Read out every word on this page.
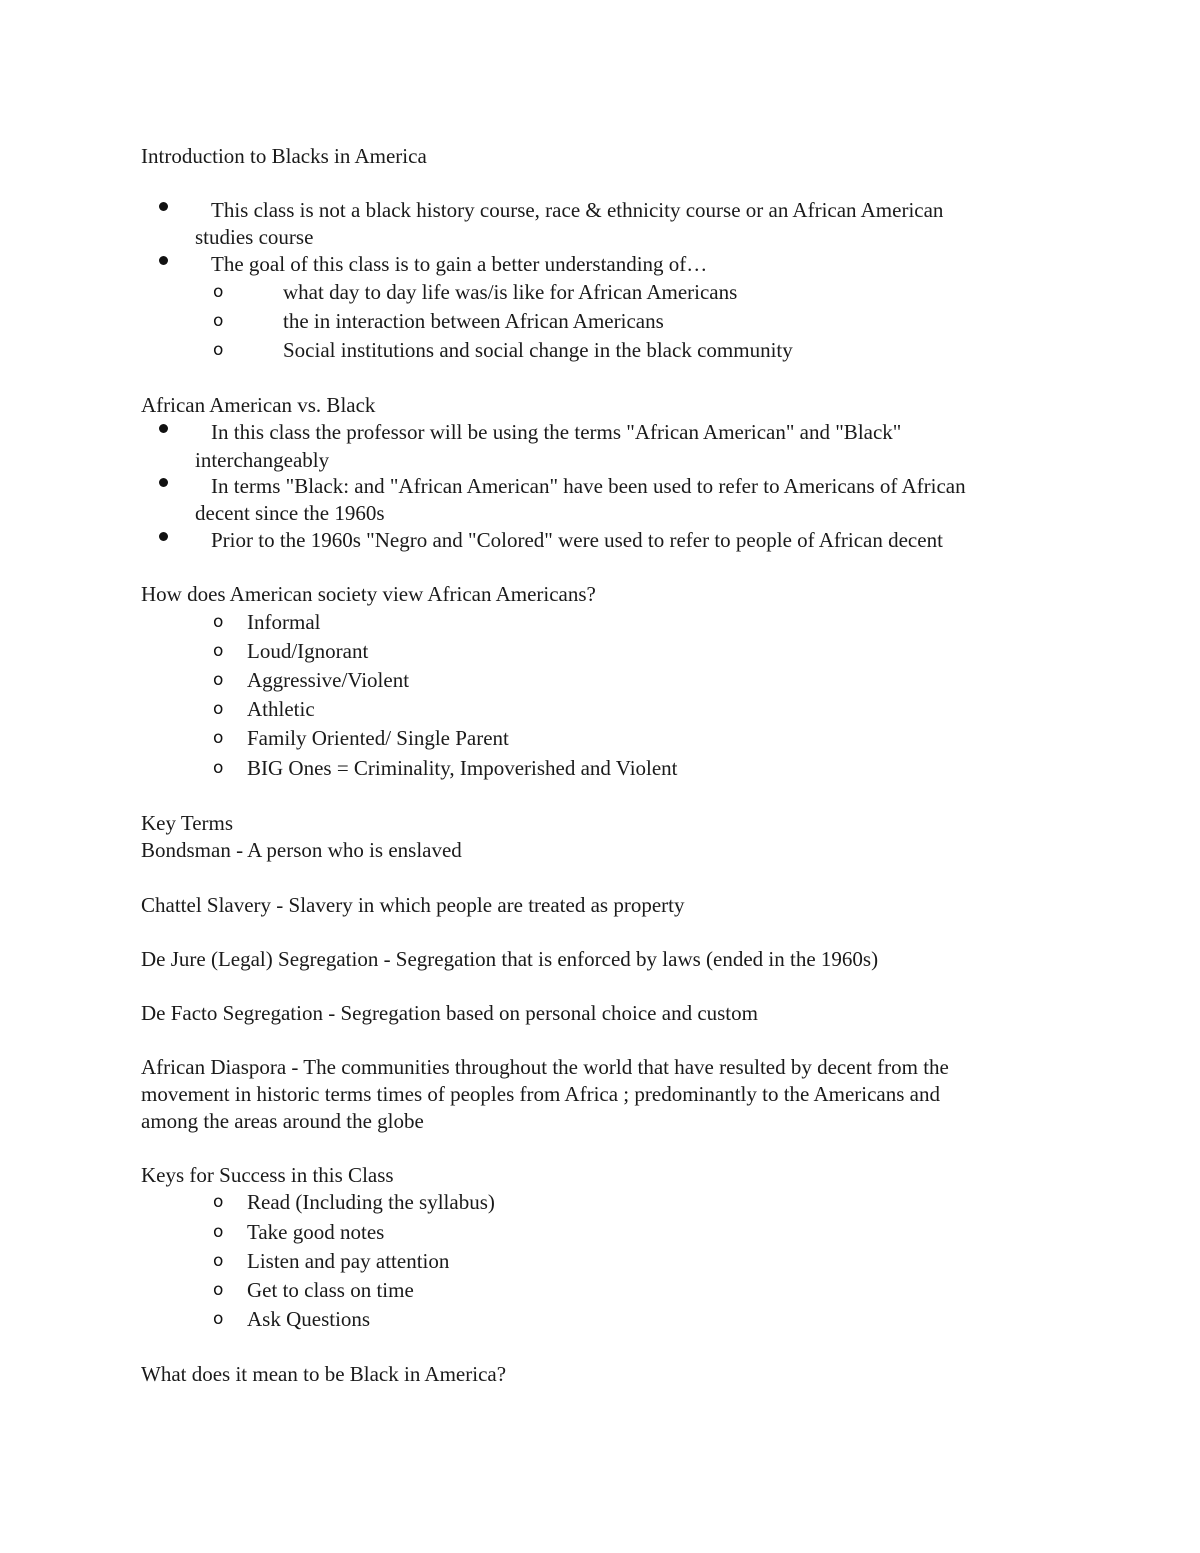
Introduction to Blacks in America
This class is not a black history course, race & ethnicity course or an African American
studies course
The goal of this class is to gain a better understanding of…
o	what day to day life was/is like for African Americans
o	the in interaction between African Americans
o	Social institutions and social change in the black community
African American vs. Black
In this class the professor will be using the terms "African American" and "Black"
interchangeably
In terms "Black: and "African American" have been used to refer to Americans of African
decent since the 1960s
Prior to the 1960s "Negro and "Colored" were used to refer to people of African decent
How does American society view African Americans?
o Informal
o Loud/Ignorant
o Aggressive/Violent
o Athletic
o Family Oriented/ Single Parent
o BIG Ones = Criminality, Impoverished and Violent
Key Terms
Bondsman - A person who is enslaved
Chattel Slavery - Slavery in which people are treated as property
De Jure (Legal) Segregation - Segregation that is enforced by laws (ended in the 1960s)
De Facto Segregation - Segregation based on personal choice and custom
African Diaspora - The communities throughout the world that have resulted by decent from the
movement in historic terms times of peoples from Africa ; predominantly to the Americans and
among the areas around the globe
Keys for Success in this Class
o Read (Including the syllabus)
o Take good notes
o Listen and pay attention
o Get to class on time
o Ask Questions
What does it mean to be Black in America?
